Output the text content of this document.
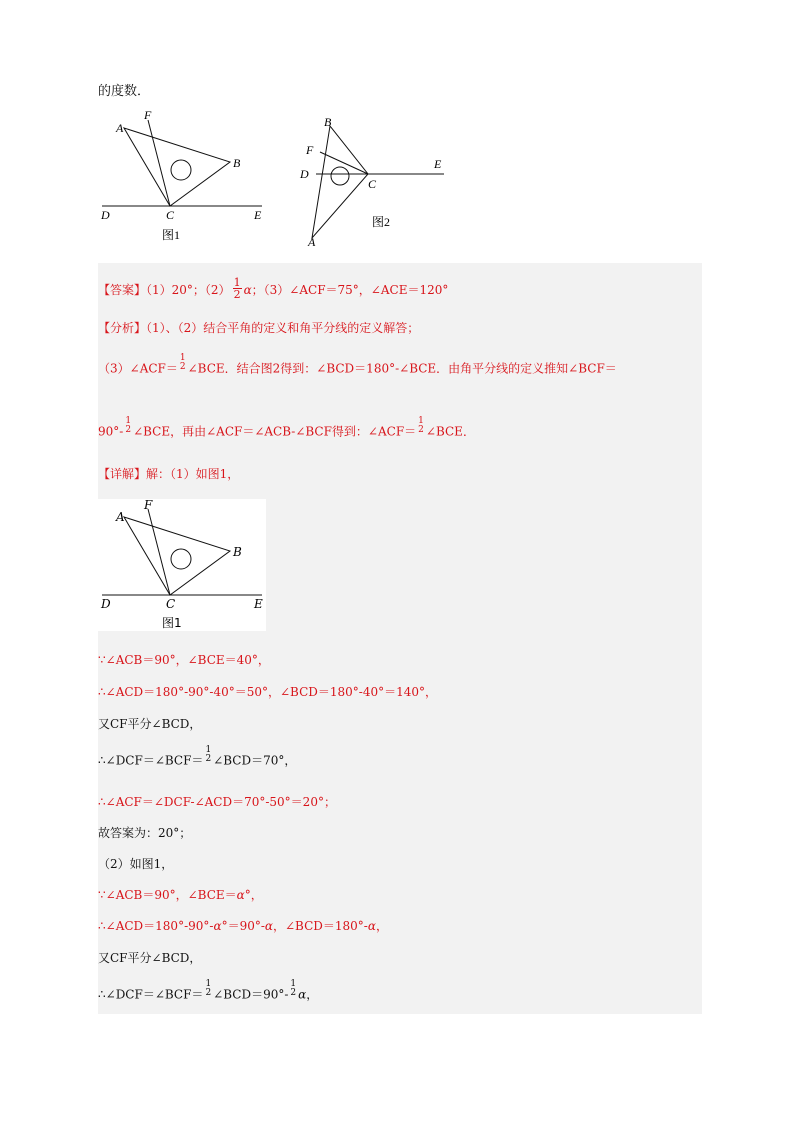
的度数．
A
F
B
C
D	E
图1
B
F
D
C
E
A
图2
【答案】（1）20°；$(2) \frac{1}{2}$ α；（3）∠ACF＝75°，∠ACE＝120°
【分析】（1）、（2）结合平角的定义和角平分线的定义解答；
（3）∠ACF＝
1
2 ∠BCE．结合图2得到：∠BCD＝180°-∠BCE．由角平分线的定义推知∠BCF＝
90°-
1
2 ∠BCE，再由∠ACF＝∠ACB-∠BCF得到：∠ACF＝
1
2 ∠BCE．
【详解】解：（1）如图1，
A
F
B
C
D	E
图1
∵∠ACB＝90°，∠BCE＝40°，
∴∠ACD＝180°-90°-40°＝50°，∠BCD＝180°-40°＝140°，
又CF平分∠BCD，
∴∠DCF＝∠BCF＝
1
2 ∠BCD＝70°，
∴∠ACF＝∠DCF-∠ACD＝70°-50°＝20°；
故答案为：20°；
（2）如图1，
∵∠ACB＝90°，∠BCE＝α°，
∴∠ACD＝180°-90°-α°＝90°-α，∠BCD＝180°-α，
又CF平分∠BCD，
∴∠DCF＝∠BCF＝
1
2 ∠BCD＝90°-
1
2 α，
